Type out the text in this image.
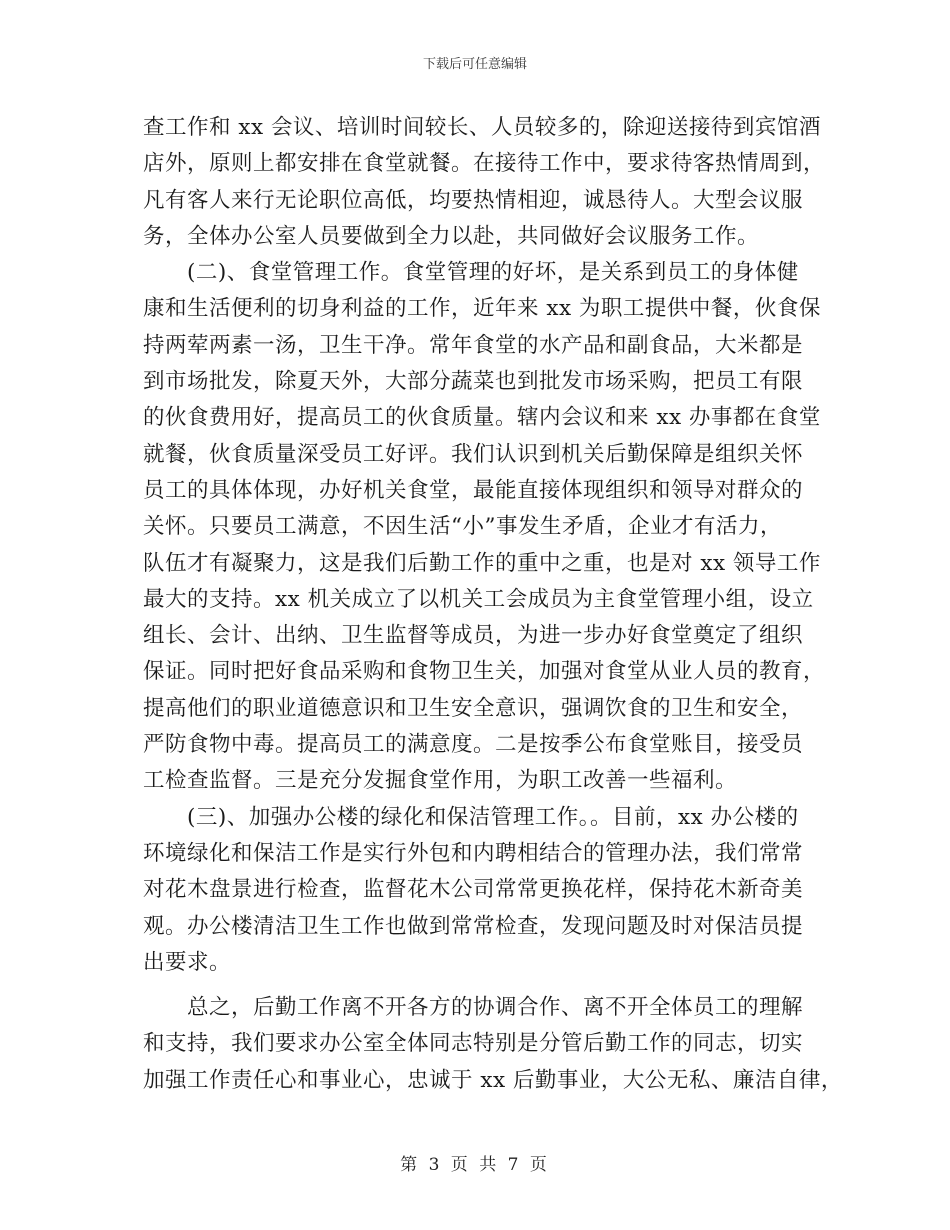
下载后可任意编辑
查工作和 xx 会议、培训时间较长、人员较多的，除迎送接待到宾馆酒
店外，原则上都安排在食堂就餐。在接待工作中，要求待客热情周到，
凡有客人来行无论职位高低，均要热情相迎，诚恳待人。大型会议服
务，全体办公室人员要做到全力以赴，共同做好会议服务工作。
　　(二)、食堂管理工作。食堂管理的好坏，是关系到员工的身体健
康和生活便利的切身利益的工作，近年来 xx 为职工提供中餐，伙食保
持两荤两素一汤，卫生干净。常年食堂的水产品和副食品，大米都是
到市场批发，除夏天外，大部分蔬菜也到批发市场采购，把员工有限
的伙食费用好，提高员工的伙食质量。辖内会议和来 xx 办事都在食堂
就餐，伙食质量深受员工好评。我们认识到机关后勤保障是组织关怀
员工的具体体现，办好机关食堂，最能直接体现组织和领导对群众的
关怀。只要员工满意，不因生活“小”事发生矛盾，企业才有活力，
队伍才有凝聚力，这是我们后勤工作的重中之重，也是对 xx 领导工作
最大的支持。xx 机关成立了以机关工会成员为主食堂管理小组，设立
组长、会计、出纳、卫生监督等成员，为进一步办好食堂奠定了组织
保证。同时把好食品采购和食物卫生关，加强对食堂从业人员的教育，
提高他们的职业道德意识和卫生安全意识，强调饮食的卫生和安全，
严防食物中毒。提高员工的满意度。二是按季公布食堂账目，接受员
工检查监督。三是充分发掘食堂作用，为职工改善一些福利。
　　(三)、加强办公楼的绿化和保洁管理工作。。目前，xx 办公楼的
环境绿化和保洁工作是实行外包和内聘相结合的管理办法，我们常常
对花木盘景进行检查，监督花木公司常常更换花样，保持花木新奇美
观。办公楼清洁卫生工作也做到常常检查，发现问题及时对保洁员提
出要求。
　　总之，后勤工作离不开各方的协调合作、离不开全体员工的理解
和支持，我们要求办公室全体同志特别是分管后勤工作的同志，切实
加强工作责任心和事业心，忠诚于 xx 后勤事业，大公无私、廉洁自律，
第 3 页 共 7 页
